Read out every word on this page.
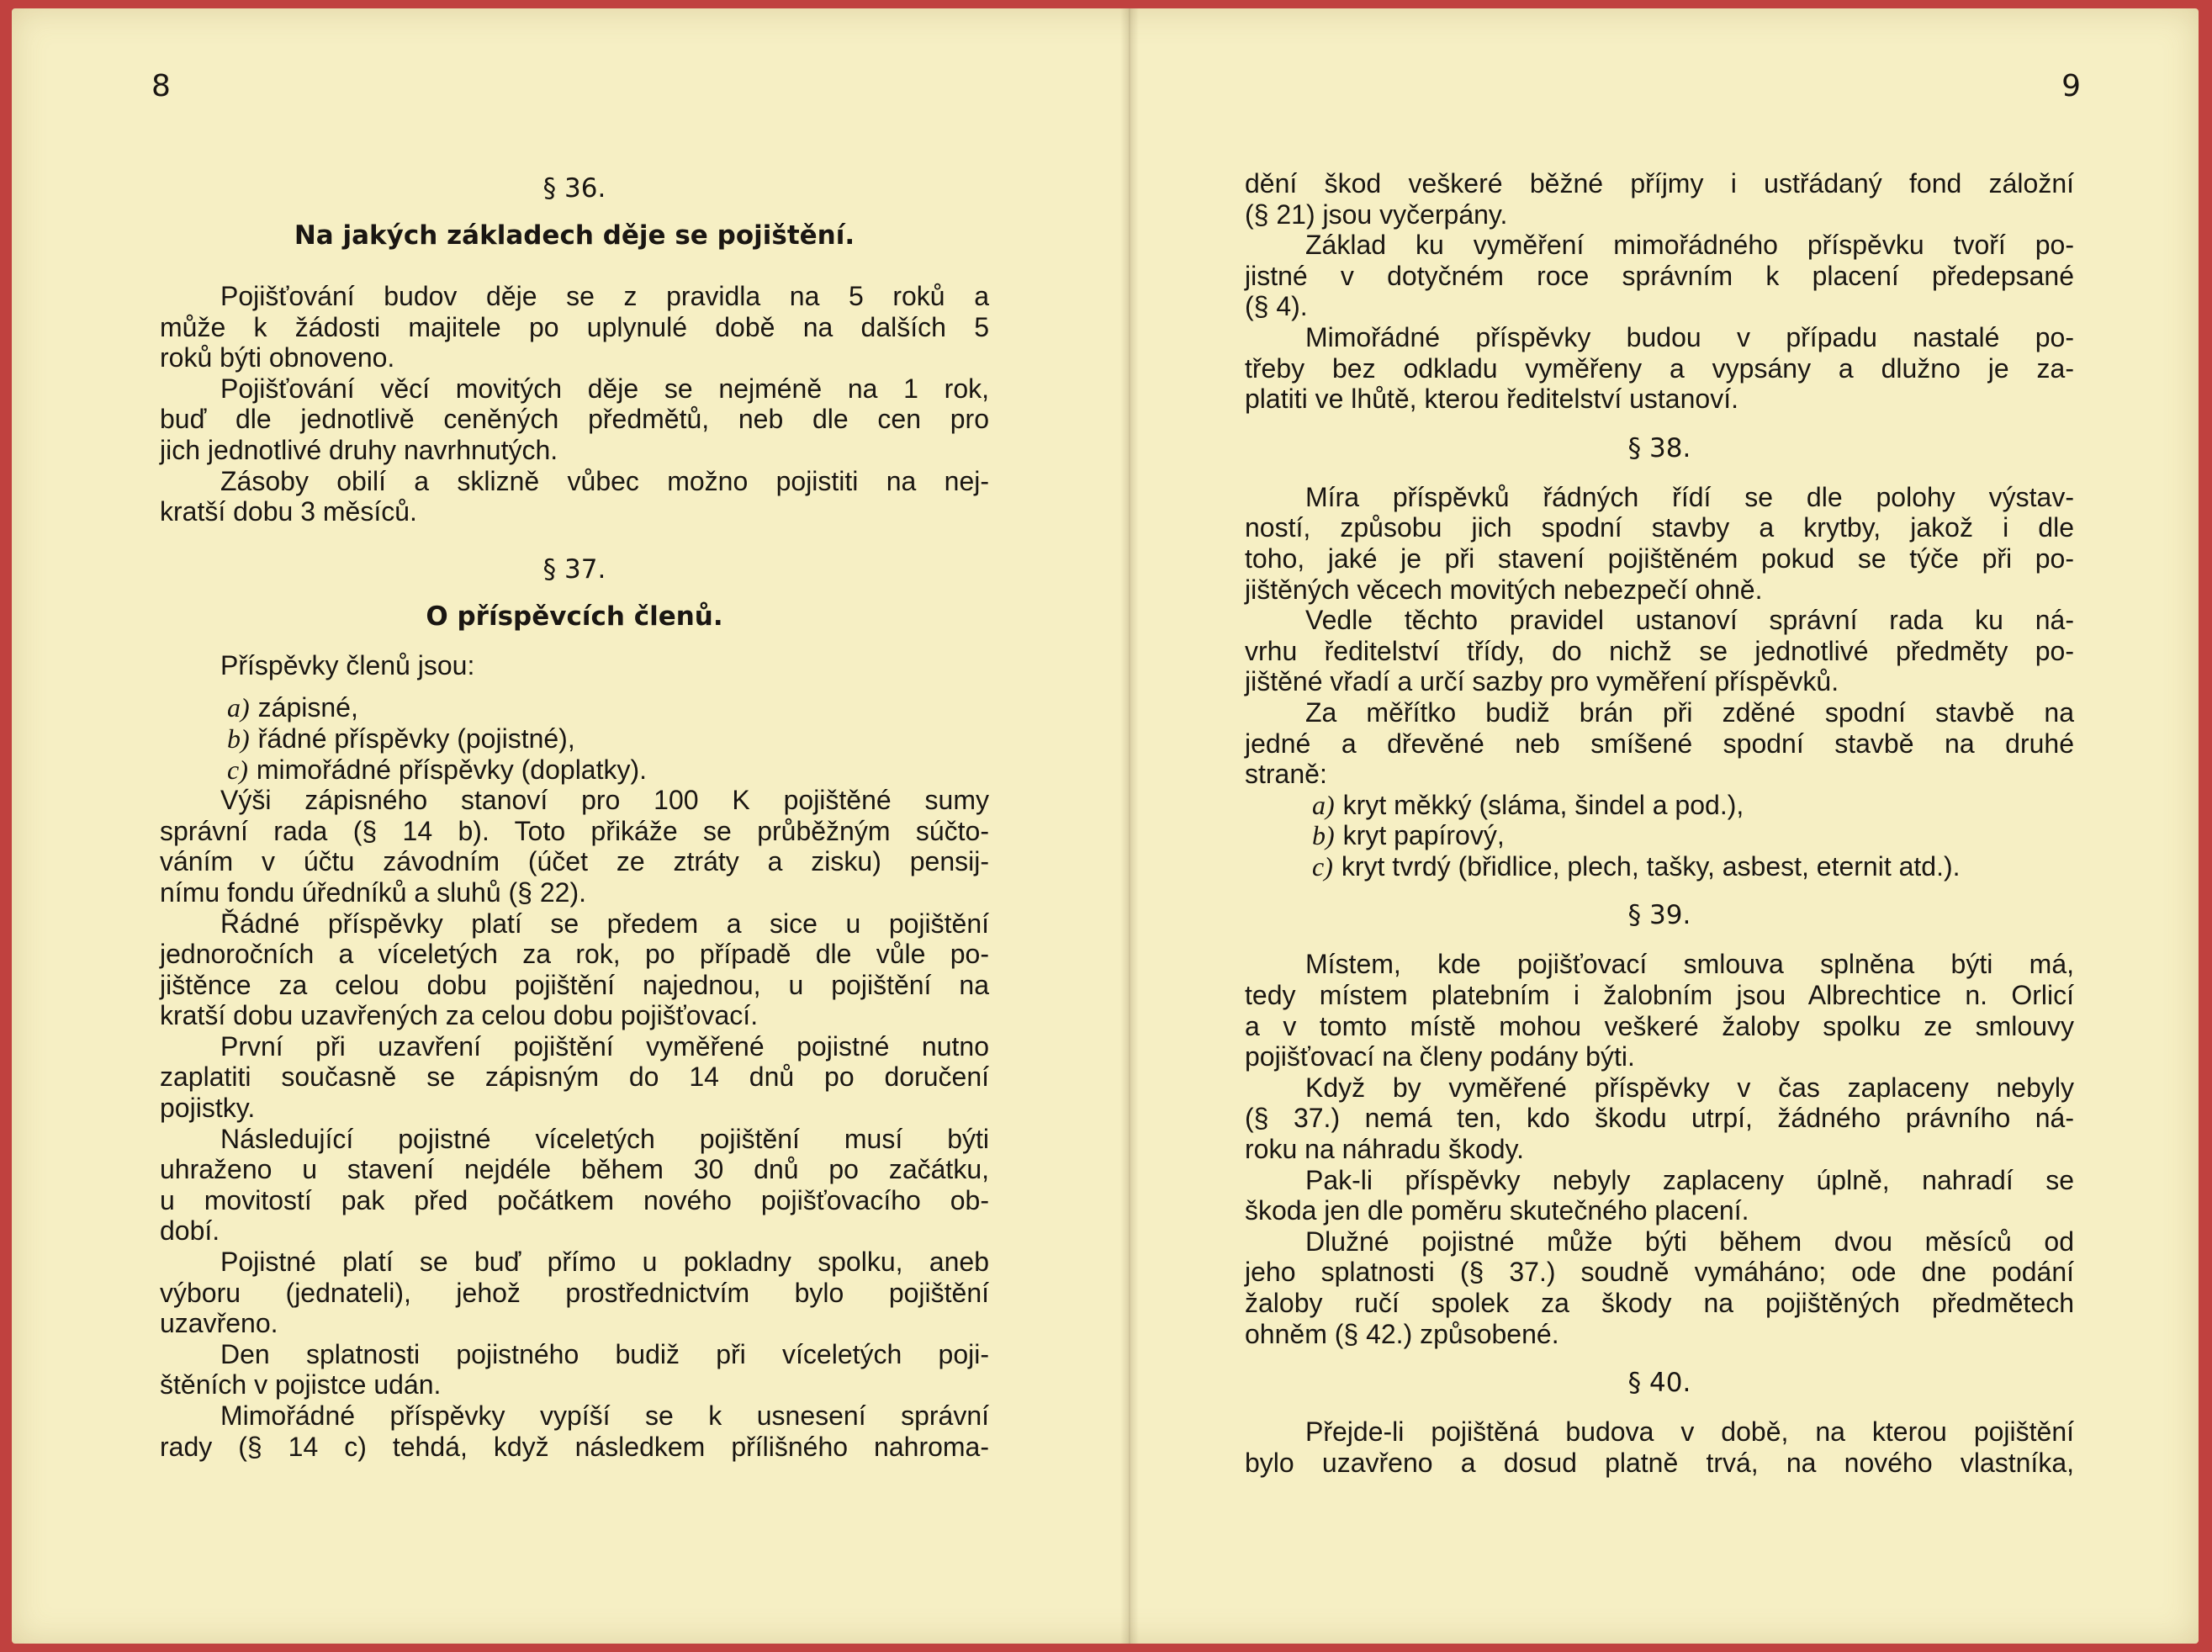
8
§ 36.
Na jakých základech děje se pojištění.
Pojišťování budov děje se z pravidla na 5 roků a
může k žádosti majitele po uplynulé době na dalších 5
roků býti obnoveno.
Pojišťování věcí movitých děje se nejméně na 1 rok,
buď dle jednotlivě ceněných předmětů, neb dle cen pro
jich jednotlivé druhy navrhnutých.
Zásoby obilí a sklizně vůbec možno pojistiti na nej-
kratší dobu 3 měsíců.
§ 37.
O příspěvcích členů.
Příspěvky členů jsou:
a) zápisné,
b) řádné příspěvky (pojistné),
c) mimořádné příspěvky (doplatky).
Výši zápisného stanoví pro 100 K pojištěné sumy
správní rada (§ 14 b). Toto přikáže se průběžným súčto-
váním v účtu závodním (účet ze ztráty a zisku) pensij-
nímu fondu úředníků a sluhů (§ 22).
Řádné příspěvky platí se předem a sice u pojištění
jednoročních a víceletých za rok, po případě dle vůle po-
jištěnce za celou dobu pojištění najednou, u pojištění na
kratší dobu uzavřených za celou dobu pojišťovací.
První při uzavření pojištění vyměřené pojistné nutno
zaplatiti současně se zápisným do 14 dnů po doručení
pojistky.
Následující pojistné víceletých pojištění musí býti
uhraženo u stavení nejdéle během 30 dnů po začátku,
u movitostí pak před počátkem nového pojišťovacího ob-
dobí.
Pojistné platí se buď přímo u pokladny spolku, aneb
výboru (jednateli), jehož prostřednictvím bylo pojištění
uzavřeno.
Den splatnosti pojistného budiž při víceletých poji-
štěních v pojistce udán.
Mimořádné příspěvky vypíší se k usnesení správní
rady (§ 14 c) tehdá, když následkem přílišného nahroma-
9
dění škod veškeré běžné příjmy i ustřádaný fond záložní
(§ 21) jsou vyčerpány.
Základ ku vyměření mimořádného příspěvku tvoří po-
jistné v dotyčném roce správním k placení předepsané
(§ 4).
Mimořádné příspěvky budou v případu nastalé po-
třeby bez odkladu vyměřeny a vypsány a dlužno je za-
platiti ve lhůtě, kterou ředitelství ustanoví.
§ 38.
Míra příspěvků řádných řídí se dle polohy výstav-
ností, způsobu jich spodní stavby a krytby, jakož i dle
toho, jaké je při stavení pojištěném pokud se týče při po-
jištěných věcech movitých nebezpečí ohně.
Vedle těchto pravidel ustanoví správní rada ku ná-
vrhu ředitelství třídy, do nichž se jednotlivé předměty po-
jištěné vřadí a určí sazby pro vyměření příspěvků.
Za měřítko budiž brán při zděné spodní stavbě na
jedné a dřevěné neb smíšené spodní stavbě na druhé
straně:
a) kryt měkký (sláma, šindel a pod.),
b) kryt papírový,
c) kryt tvrdý (břidlice, plech, tašky, asbest, eternit atd.).
§ 39.
Místem, kde pojišťovací smlouva splněna býti má,
tedy místem platebním i žalobním jsou Albrechtice n. Orlicí
a v tomto místě mohou veškeré žaloby spolku ze smlouvy
pojišťovací na členy podány býti.
Když by vyměřené příspěvky v čas zaplaceny nebyly
(§ 37.) nemá ten, kdo škodu utrpí, žádného právního ná-
roku na náhradu škody.
Pak-li příspěvky nebyly zaplaceny úplně, nahradí se
škoda jen dle poměru skutečného placení.
Dlužné pojistné může býti během dvou měsíců od
jeho splatnosti (§ 37.) soudně vymáháno; ode dne podání
žaloby ručí spolek za škody na pojištěných předmětech
ohněm (§ 42.) způsobené.
§ 40.
Přejde-li pojištěná budova v době, na kterou pojištění
bylo uzavřeno a dosud platně trvá, na nového vlastníka,
